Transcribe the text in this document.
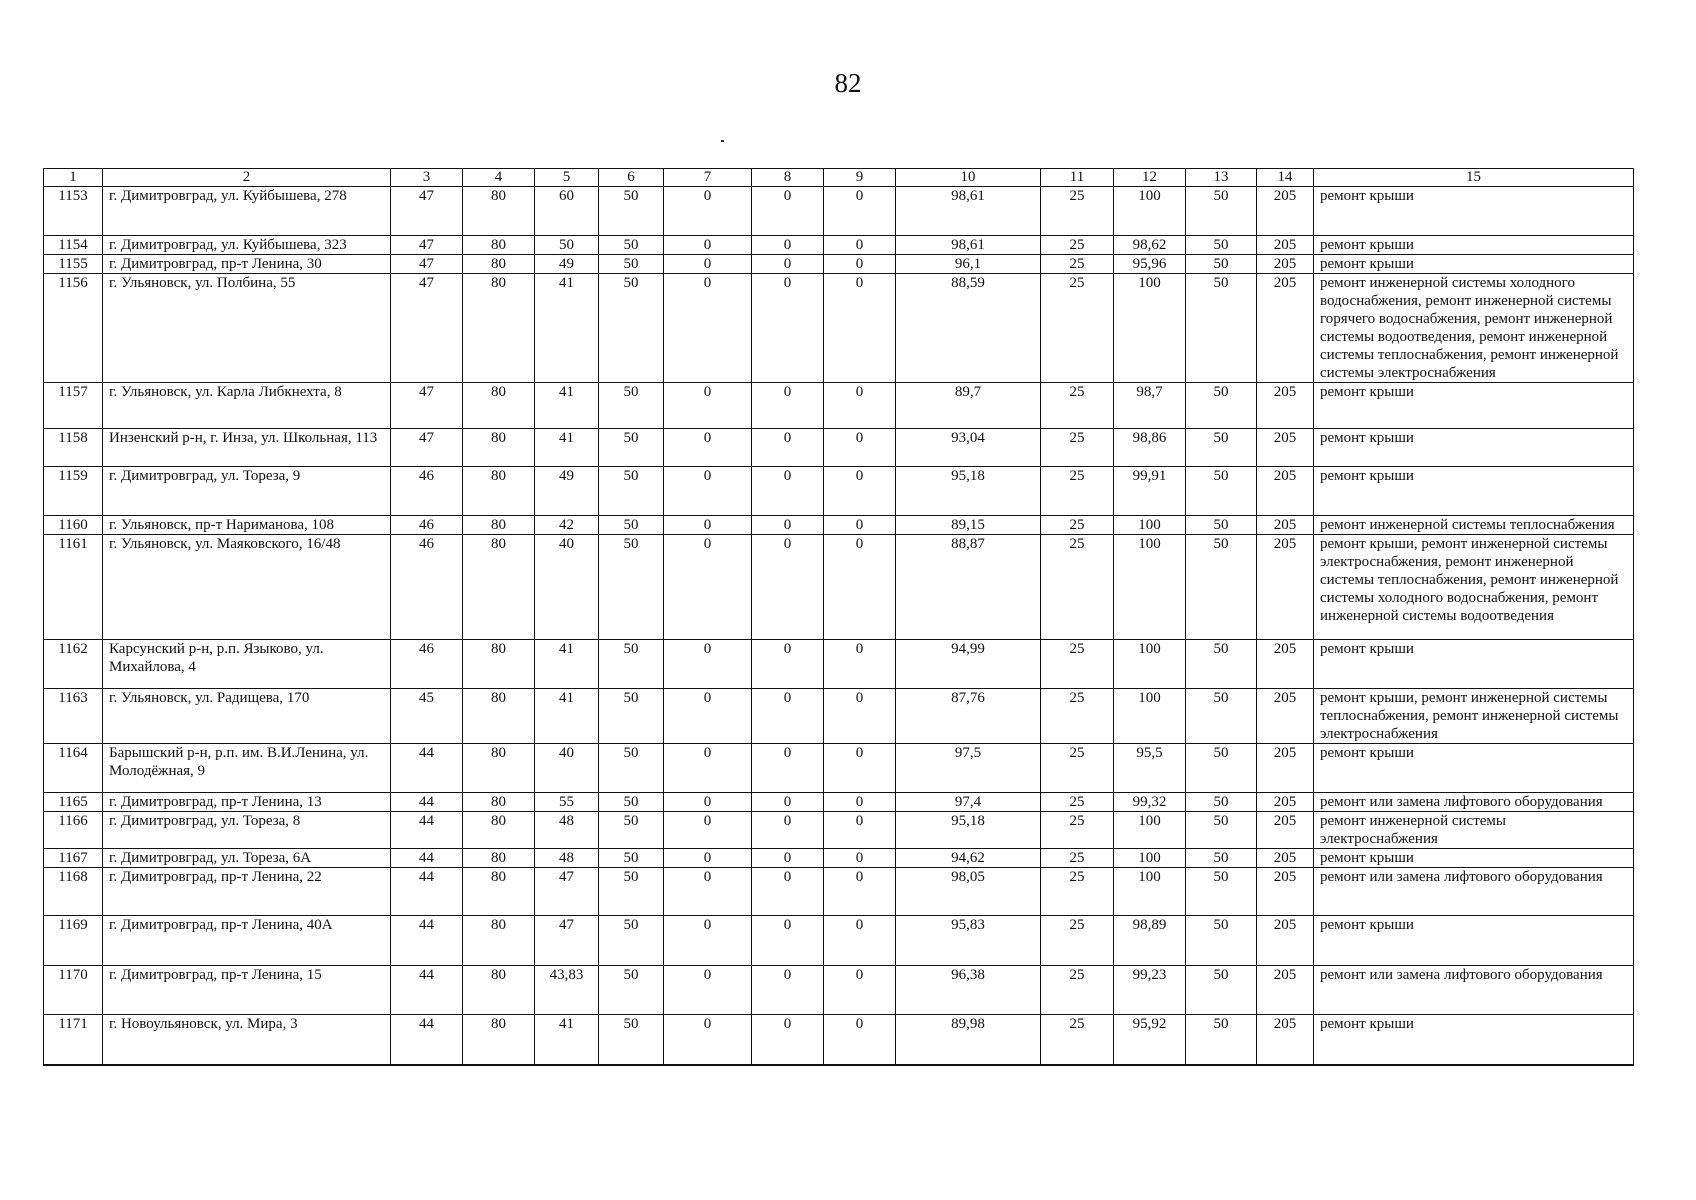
82
1	2	3	4	5	6	7	8	9	10	11	12	13	14	15
1153	г. Димитровград, ул. Куйбышева, 278	47	80	60	50	0	0	0	98,61	25	100	50	205	ремонт крыши
1154	г. Димитровград, ул. Куйбышева, 323	47	80	50	50	0	0	0	98,61	25	98,62	50	205	ремонт крыши
1155	г. Димитровград, пр-т Ленина, 30	47	80	49	50	0	0	0	96,1	25	95,96	50	205	ремонт крыши
1156	г. Ульяновск, ул. Полбина, 55	47	80	41	50	0	0	0	88,59	25	100	50	205	ремонт инженерной системы холодного водоснабжения, ремонт инженерной системы горячего водоснабжения, ремонт инженерной системы водоотведения, ремонт инженерной системы теплоснабжения, ремонт инженерной системы электроснабжения
1157	г. Ульяновск, ул. Карла Либкнехта, 8	47	80	41	50	0	0	0	89,7	25	98,7	50	205	ремонт крыши
1158	Инзенский р-н, г. Инза, ул. Школьная, 113	47	80	41	50	0	0	0	93,04	25	98,86	50	205	ремонт крыши
1159	г. Димитровград, ул. Тореза, 9	46	80	49	50	0	0	0	95,18	25	99,91	50	205	ремонт крыши
1160	г. Ульяновск, пр-т Нариманова, 108	46	80	42	50	0	0	0	89,15	25	100	50	205	ремонт инженерной системы теплоснабжения
1161	г. Ульяновск, ул. Маяковского, 16/48	46	80	40	50	0	0	0	88,87	25	100	50	205	ремонт крыши, ремонт инженерной системы электроснабжения, ремонт инженерной системы теплоснабжения, ремонт инженерной системы холодного водоснабжения, ремонт инженерной системы водоотведения
1162	Карсунский р-н, р.п. Языково, ул. Михайлова, 4	46	80	41	50	0	0	0	94,99	25	100	50	205	ремонт крыши
1163	г. Ульяновск, ул. Радищева, 170	45	80	41	50	0	0	0	87,76	25	100	50	205	ремонт крыши, ремонт инженерной системы теплоснабжения, ремонт инженерной системы электроснабжения
1164	Барышский р-н, р.п. им. В.И.Ленина, ул. Молодёжная, 9	44	80	40	50	0	0	0	97,5	25	95,5	50	205	ремонт крыши
1165	г. Димитровград, пр-т Ленина, 13	44	80	55	50	0	0	0	97,4	25	99,32	50	205	ремонт или замена лифтового оборудования
1166	г. Димитровград, ул. Тореза, 8	44	80	48	50	0	0	0	95,18	25	100	50	205	ремонт инженерной системы электроснабжения
1167	г. Димитровград, ул. Тореза, 6А	44	80	48	50	0	0	0	94,62	25	100	50	205	ремонт крыши
1168	г. Димитровград, пр-т Ленина, 22	44	80	47	50	0	0	0	98,05	25	100	50	205	ремонт или замена лифтового оборудования
1169	г. Димитровград, пр-т Ленина, 40А	44	80	47	50	0	0	0	95,83	25	98,89	50	205	ремонт крыши
1170	г. Димитровград, пр-т Ленина, 15	44	80	43,83	50	0	0	0	96,38	25	99,23	50	205	ремонт или замена лифтового оборудования
1171	г. Новоульяновск, ул. Мира, 3	44	80	41	50	0	0	0	89,98	25	95,92	50	205	ремонт крыши
